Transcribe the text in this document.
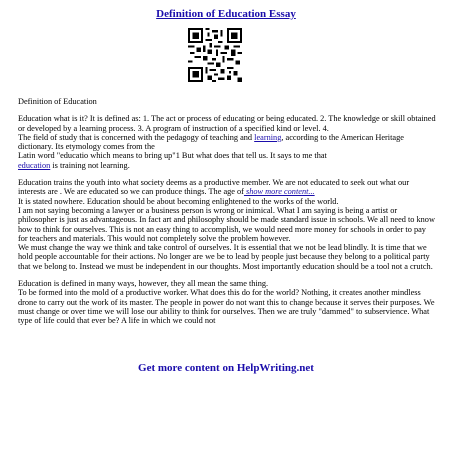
Definition of Education Essay

Definition of Education

Education what is it? It is defined as: 1. The act or process of educating or being educated. 2. The knowledge or skill obtained or developed by a learning process. 3. A program of instruction of a specified kind or level. 4.
The field of study that is concerned with the pedagogy of teaching and learning, according to the American Heritage dictionary. Its etymology comes from the
Latin word "educatio which means to bring up"1 But what does that tell us. It says to me that
education is training not learning.

Education trains the youth into what society deems as a productive member. We are not educated to seek out what our interests are . We are educated so we can produce things. The age of show more content...
It is stated nowhere. Education should be about becoming enlightened to the works of the world.
I am not saying becoming a lawyer or a business person is wrong or inimical. What I am saying is being a artist or philosopher is just as advantageous. In fact art and philosophy should be made standard issue in schools. We all need to know how to think for ourselves. This is not an easy thing to accomplish, we would need more money for schools in order to pay for teachers and materials. This would not completely solve the problem however.
We must change the way we think and take control of ourselves. It is essential that we not be lead blindly. It is time that we hold people accountable for their actions. No longer are we be to lead by people just because they belong to a political party that we belong to. Instead we must be independent in our thoughts. Most importantly education should be a tool not a crutch.

Education is defined in many ways, however, they all mean the same thing.
To be formed into the mold of a productive worker. What does this do for the world? Nothing, it creates another mindless drone to carry out the work of its master. The people in power do not want this to change because it serves their purposes. We must change or over time we will lose our ability to think for ourselves. Then we are truly "dammed" to subservience. What type of life could that ever be? A life in which we could not

Get more content on HelpWriting.net
